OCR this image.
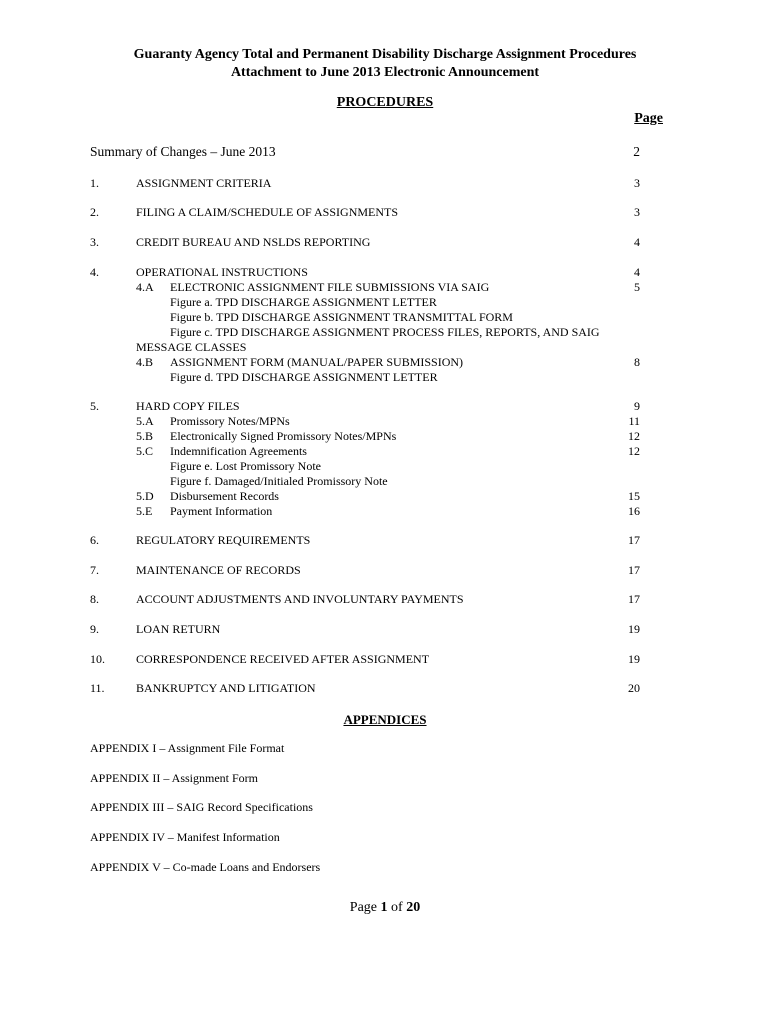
Guaranty Agency Total and Permanent Disability Discharge Assignment Procedures
Attachment to June 2013 Electronic Announcement
PROCEDURES
Page
Summary of Changes – June 2013	2
1.	ASSIGNMENT CRITERIA	3
2.	FILING A CLAIM/SCHEDULE OF ASSIGNMENTS	3
3.	CREDIT BUREAU AND NSLDS REPORTING	4
4.	OPERATIONAL INSTRUCTIONS	4
4.A ELECTRONIC ASSIGNMENT FILE SUBMISSIONS VIA SAIG	5
Figure a. TPD DISCHARGE ASSIGNMENT LETTER
Figure b. TPD DISCHARGE ASSIGNMENT TRANSMITTAL FORM
Figure c. TPD DISCHARGE ASSIGNMENT PROCESS FILES, REPORTS, AND SAIG
MESSAGE CLASSES
4.B ASSIGNMENT FORM (MANUAL/PAPER SUBMISSION)	8
Figure d. TPD DISCHARGE ASSIGNMENT LETTER
5.	HARD COPY FILES	9
5.A Promissory Notes/MPNs	11
5.B Electronically Signed Promissory Notes/MPNs	12
5.C Indemnification Agreements	12
Figure e. Lost Promissory Note
Figure f. Damaged/Initialed Promissory Note
5.D Disbursement Records	15
5.E Payment Information	16
6.	REGULATORY REQUIREMENTS	17
7.	MAINTENANCE OF RECORDS	17
8.	ACCOUNT ADJUSTMENTS AND INVOLUNTARY PAYMENTS	17
9.	LOAN RETURN	19
10.	CORRESPONDENCE RECEIVED AFTER ASSIGNMENT	19
11.	BANKRUPTCY AND LITIGATION	20
APPENDICES
APPENDIX I – Assignment File Format
APPENDIX II – Assignment Form
APPENDIX III – SAIG Record Specifications
APPENDIX IV – Manifest Information
APPENDIX V – Co-made Loans and Endorsers
Page 1 of 20
